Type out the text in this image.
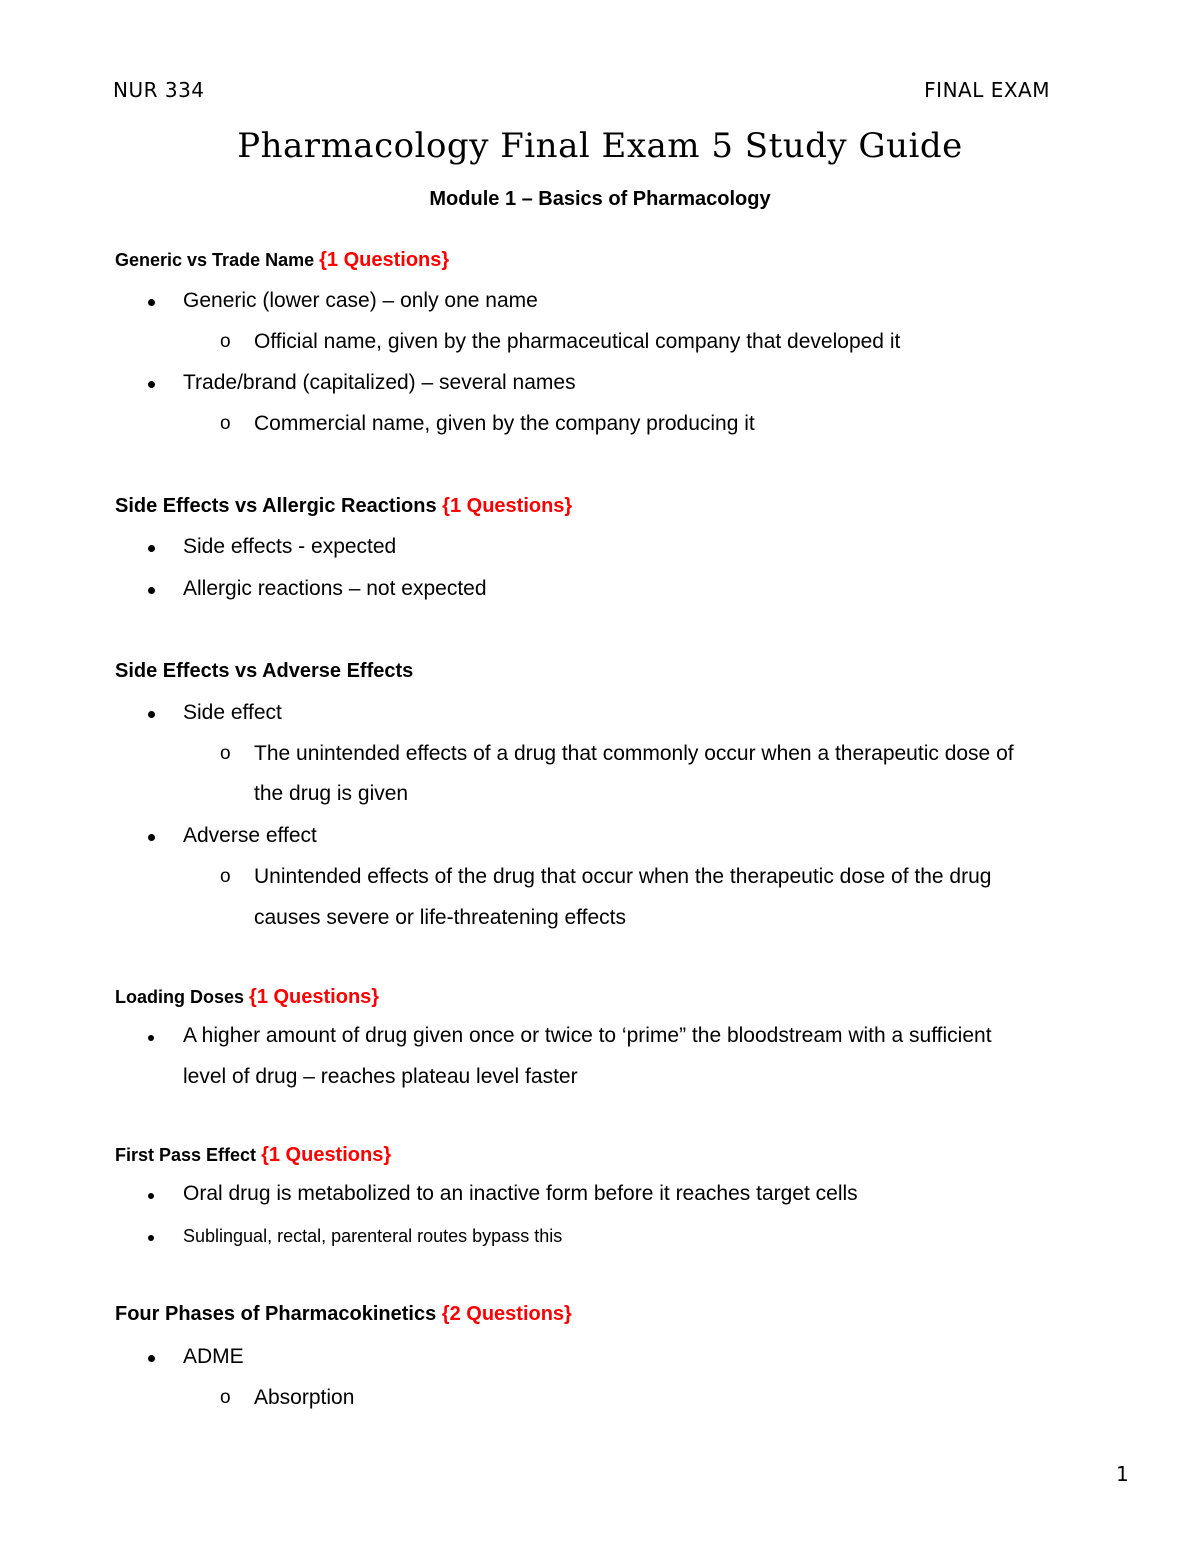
NUR 334	FINAL EXAM
Pharmacology Final Exam 5 Study Guide
Module 1 – Basics of Pharmacology
Generic vs Trade Name {1 Questions}
Generic (lower case) – only one name
o Official name, given by the pharmaceutical company that developed it
Trade/brand (capitalized) – several names
o Commercial name, given by the company producing it
Side Effects vs Allergic Reactions {1 Questions}
Side effects - expected
Allergic reactions – not expected
Side Effects vs Adverse Effects
Side effect
o The unintended effects of a drug that commonly occur when a therapeutic dose of
the drug is given
Adverse effect
o Unintended effects of the drug that occur when the therapeutic dose of the drug
causes severe or life-threatening effects
Loading Doses {1 Questions}
A higher amount of drug given once or twice to ‘prime” the bloodstream with a sufficient
level of drug – reaches plateau level faster
First Pass Effect {1 Questions}
Oral drug is metabolized to an inactive form before it reaches target cells
Sublingual, rectal, parenteral routes bypass this
Four Phases of Pharmacokinetics {2 Questions}
ADME
o Absorption
1
